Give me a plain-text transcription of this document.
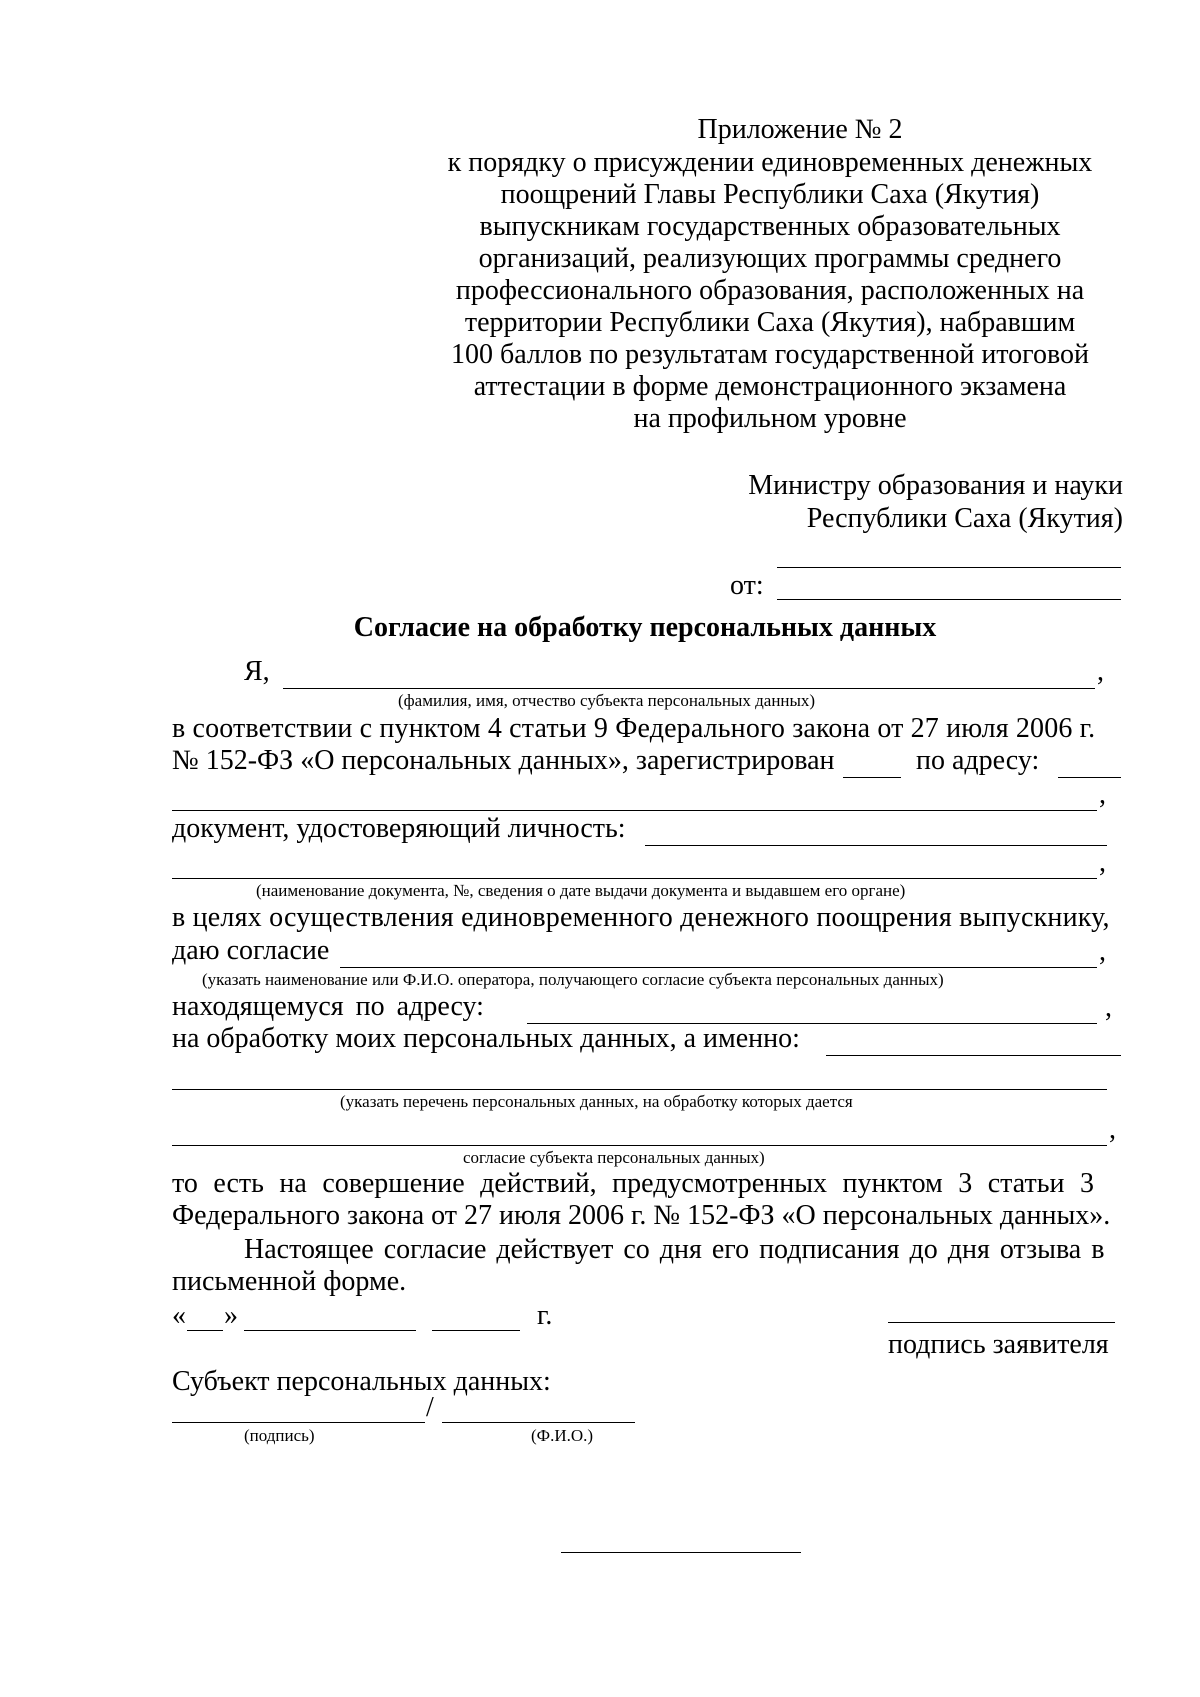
Приложение № 2
к порядку о присуждении единовременных денежных
поощрений Главы Республики Саха (Якутия)
выпускникам государственных образовательных
организаций, реализующих программы среднего
профессионального образования, расположенных на
территории Республики Саха (Якутия), набравшим
100 баллов по результатам государственной итоговой
аттестации в форме демонстрационного экзамена
на профильном уровне
Министру образования и науки
Республики Саха (Якутия)
от:
Согласие на обработку персональных данных
Я,	,
(фамилия, имя, отчество субъекта персональных данных)
в соответствии с пунктом 4 статьи 9 Федерального закона от 27 июля 2006 г.
№ 152-ФЗ «О персональных данных», зарегистрирован	по адресу:
,
документ, удостоверяющий личность:
,
(наименование документа, №, сведения о дате выдачи документа и выдавшем его органе)
в целях осуществления единовременного денежного поощрения выпускнику,
даю согласие	,
(указать наименование или Ф.И.О. оператора, получающего согласие субъекта персональных данных)
находящемуся по адресу:	,
на обработку моих персональных данных, а именно:
(указать перечень персональных данных, на обработку которых дается
,
согласие субъекта персональных данных)
то есть на совершение действий, предусмотренных пунктом 3 статьи 3
Федерального закона от 27 июля 2006 г. № 152-ФЗ «О персональных данных».
Настоящее согласие действует со дня его подписания до дня отзыва в
письменной форме.
« »	г.
подпись заявителя
Субъект персональных данных:
/
(подпись)	(Ф.И.О.)
